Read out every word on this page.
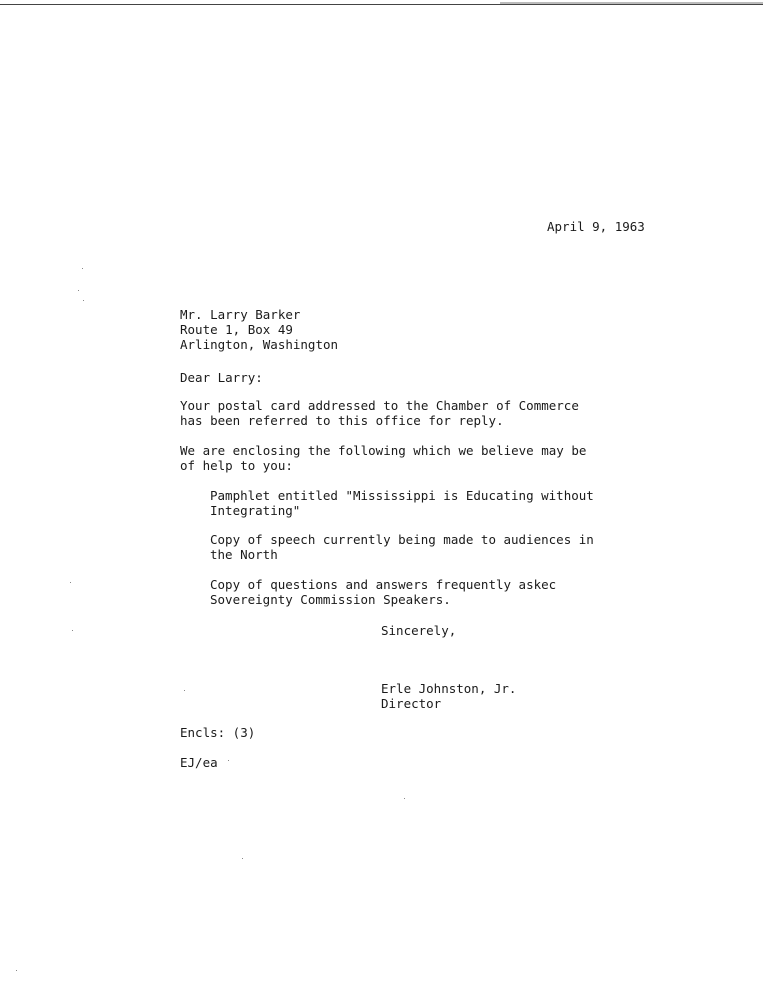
April 9, 1963
Mr. Larry Barker
Route 1, Box 49
Arlington, Washington
Dear Larry:
Your postal card addressed to the Chamber of Commerce
has been referred to this office for reply.
We are enclosing the following which we believe may be
of help to you:
Pamphlet entitled "Mississippi is Educating without
Integrating"
Copy of speech currently being made to audiences in
the North
Copy of questions and answers frequently askec
Sovereignty Commission Speakers.
Sincerely,
Erle Johnston, Jr.
Director
Encls: (3)
EJ/ea
